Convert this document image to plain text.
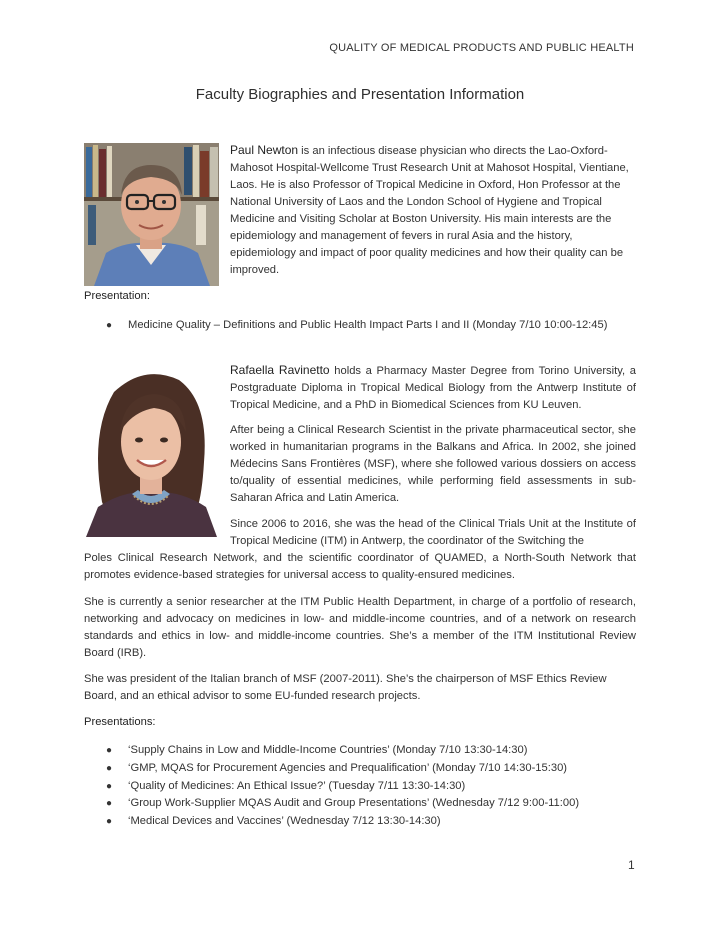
QUALITY OF MEDICAL PRODUCTS AND PUBLIC HEALTH
Faculty Biographies and Presentation Information

Paul Newton is an infectious disease physician who directs the Lao-Oxford-Mahosot Hospital-Wellcome Trust Research Unit at Mahosot Hospital, Vientiane, Laos. He is also Professor of Tropical Medicine in Oxford, Hon Professor at the National University of Laos and the London School of Hygiene and Tropical Medicine and Visiting Scholar at Boston University. His main interests are the epidemiology and management of fevers in rural Asia and the history, epidemiology and impact of poor quality medicines and how their quality can be improved.

Presentation:
● Medicine Quality – Definitions and Public Health Impact Parts I and II (Monday 7/10 10:00-12:45)

Rafaella Ravinetto holds a Pharmacy Master Degree from Torino University, a Postgraduate Diploma in Tropical Medical Biology from the Antwerp Institute of Tropical Medicine, and a PhD in Biomedical Sciences from KU Leuven.

After being a Clinical Research Scientist in the private pharmaceutical sector, she worked in humanitarian programs in the Balkans and Africa. In 2002, she joined Médecins Sans Frontières (MSF), where she followed various dossiers on access to/quality of essential medicines, while performing field assessments in sub-Saharan Africa and Latin America.

Since 2006 to 2016, she was the head of the Clinical Trials Unit at the Institute of Tropical Medicine (ITM) in Antwerp, the coordinator of the Switching the

Poles Clinical Research Network, and the scientific coordinator of QUAMED, a North-South Network that promotes evidence-based strategies for universal access to quality-ensured medicines.

She is currently a senior researcher at the ITM Public Health Department, in charge of a portfolio of research, networking and advocacy on medicines in low- and middle-income countries, and of a network on research standards and ethics in low- and middle-income countries. She’s a member of the ITM Institutional Review Board (IRB).

She was president of the Italian branch of MSF (2007-2011). She’s the chairperson of MSF Ethics Review Board, and an ethical advisor to some EU-funded research projects.

Presentations:
● ‘Supply Chains in Low and Middle-Income Countries’ (Monday 7/10 13:30-14:30)
● ‘GMP, MQAS for Procurement Agencies and Prequalification’ (Monday 7/10 14:30-15:30)
● ‘Quality of Medicines: An Ethical Issue?’ (Tuesday 7/11 13:30-14:30)
● ‘Group Work-Supplier MQAS Audit and Group Presentations’ (Wednesday 7/12 9:00-11:00)
● ‘Medical Devices and Vaccines’ (Wednesday 7/12 13:30-14:30)
1
